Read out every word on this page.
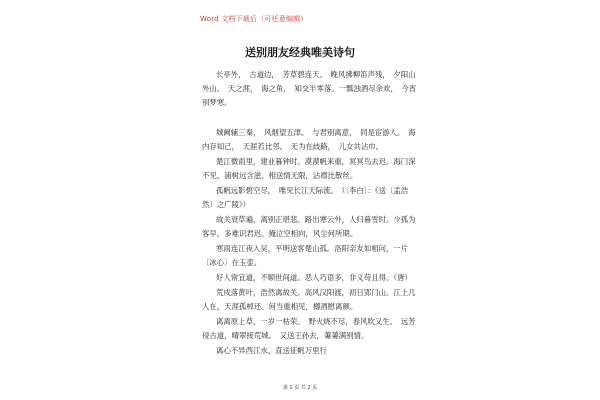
Word 文档下载后（可任意编辑）
送别朋友经典唯美诗句
长亭外，　古道边，　芳草碧连天。　晚风拂柳笛声残，　夕阳山
外山。　天之涯，　海之角，　知交半零落。一瓢浊酒尽余欢，　今宵
别梦寒。
城阙辅三秦，　风烟望五津。　与君别离意，　同是宦游人。　海
内存知己，　天涯若比邻。　无为在歧路，　儿女共沾巾。
楚江微雨里，建业暮钟时。漠漠帆来重，冥冥鸟去迟。海门深
不见，浦树远含滋。相送情无限，沾襟比散丝。
孤帆远影碧空尽，　唯见长江天际流。　（〔李白〕：《送〔孟浩
然〕之广陵》）
故关衰草遍，离别正堪悲。路出寒云外，人归暮雪时。少孤为
客早，多难识君迟。掩泣空相向，风尘何所期。
寒雨连江夜入吴，平明送客楚山孤。洛阳亲友如相问，一片
〔冰心〕在玉壶。
好人常宜道，不顺世间道。恶人巧语多，非义苟且得。（唐）
荒戍落黄叶，浩然离故关。高风汉阳渡，初日郢门山。江上几
人在，天涯孤棹还。何当重相见，樽酒慰离颜。
离离原上草，一岁一枯荣。　野火烧不尽，春风吹又生。　远芳
侵古道，晴翠接荒城。　又送王孙去，萋萋满别情。
离心不异西江水，直送征帆万里行
第 1 页 共 2 页
